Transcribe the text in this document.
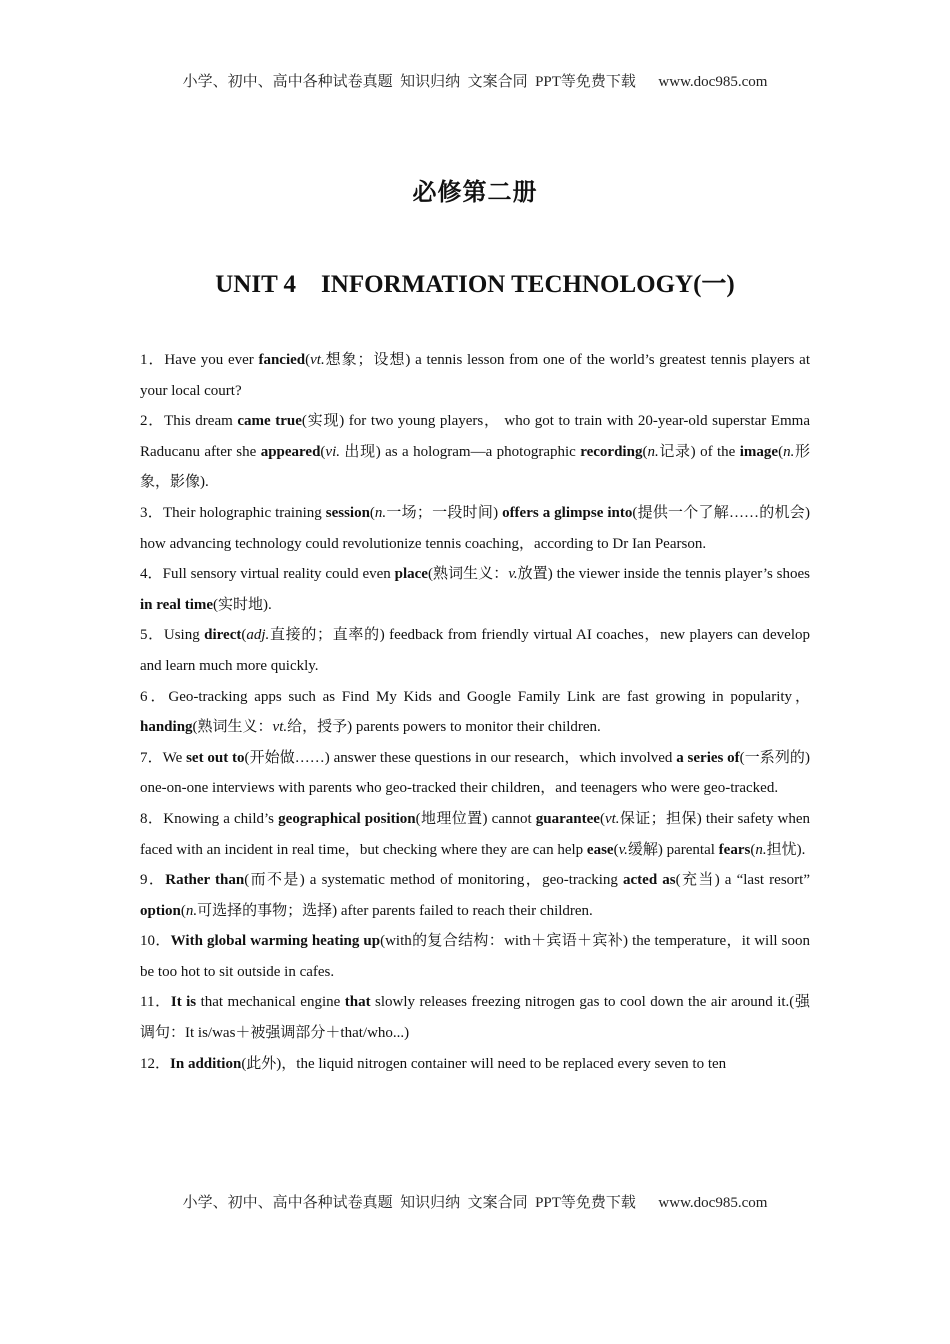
小学、初中、高中各种试卷真题  知识归纳  文案合同  PPT等免费下载      www.doc985.com
必修第二册
UNIT 4    INFORMATION TECHNOLOGY(一)

1．Have you ever fancied(vt.想象；设想) a tennis lesson from one of the world’s greatest tennis players at your local court?

2．This dream came true(实现) for two young players， who got to train with 20-year-old superstar Emma Raducanu after she appeared(vi. 出现) as a hologram—a photographic recording(n.记录) of the image(n.形象，影像).

3．Their holographic training session(n.一场；一段时间) offers a glimpse into(提供一个了解……的机会) how advancing technology could revolutionize tennis coaching，according to Dr Ian Pearson.

4．Full sensory virtual reality could even place(熟词生义：v.放置) the viewer inside the tennis player’s shoes in real time(实时地).

5．Using direct(adj.直接的；直率的) feedback from friendly virtual AI coaches，new players can develop and learn much more quickly.

6．Geo-tracking apps such as Find My Kids and Google Family Link are fast growing in popularity，handing(熟词生义：vt.给，授予) parents powers to monitor their children.

7．We set out to(开始做……) answer these questions in our research，which involved a series of(一系列的) one-on-one interviews with parents who geo-tracked their children，and teenagers who were geo-tracked.

8．Knowing a child’s geographical position(地理位置) cannot guarantee(vt.保证；担保) their safety when faced with an incident in real time，but checking where they are can help ease(v.缓解) parental fears(n.担忧).

9．Rather than(而不是) a systematic method of monitoring，geo-tracking acted as(充当) a “last resort” option(n.可选择的事物；选择) after parents failed to reach their children.

10．With global warming heating up(with的复合结构：with＋宾语＋宾补) the temperature，it will soon be too hot to sit outside in cafes.

11．It is that mechanical engine that slowly releases freezing nitrogen gas to cool down the air around it.(强调句：It is/was＋被强调部分＋that/who...)

12．In addition(此外)，the liquid nitrogen container will need to be replaced every seven to ten

小学、初中、高中各种试卷真题  知识归纳  文案合同  PPT等免费下载      www.doc985.com
